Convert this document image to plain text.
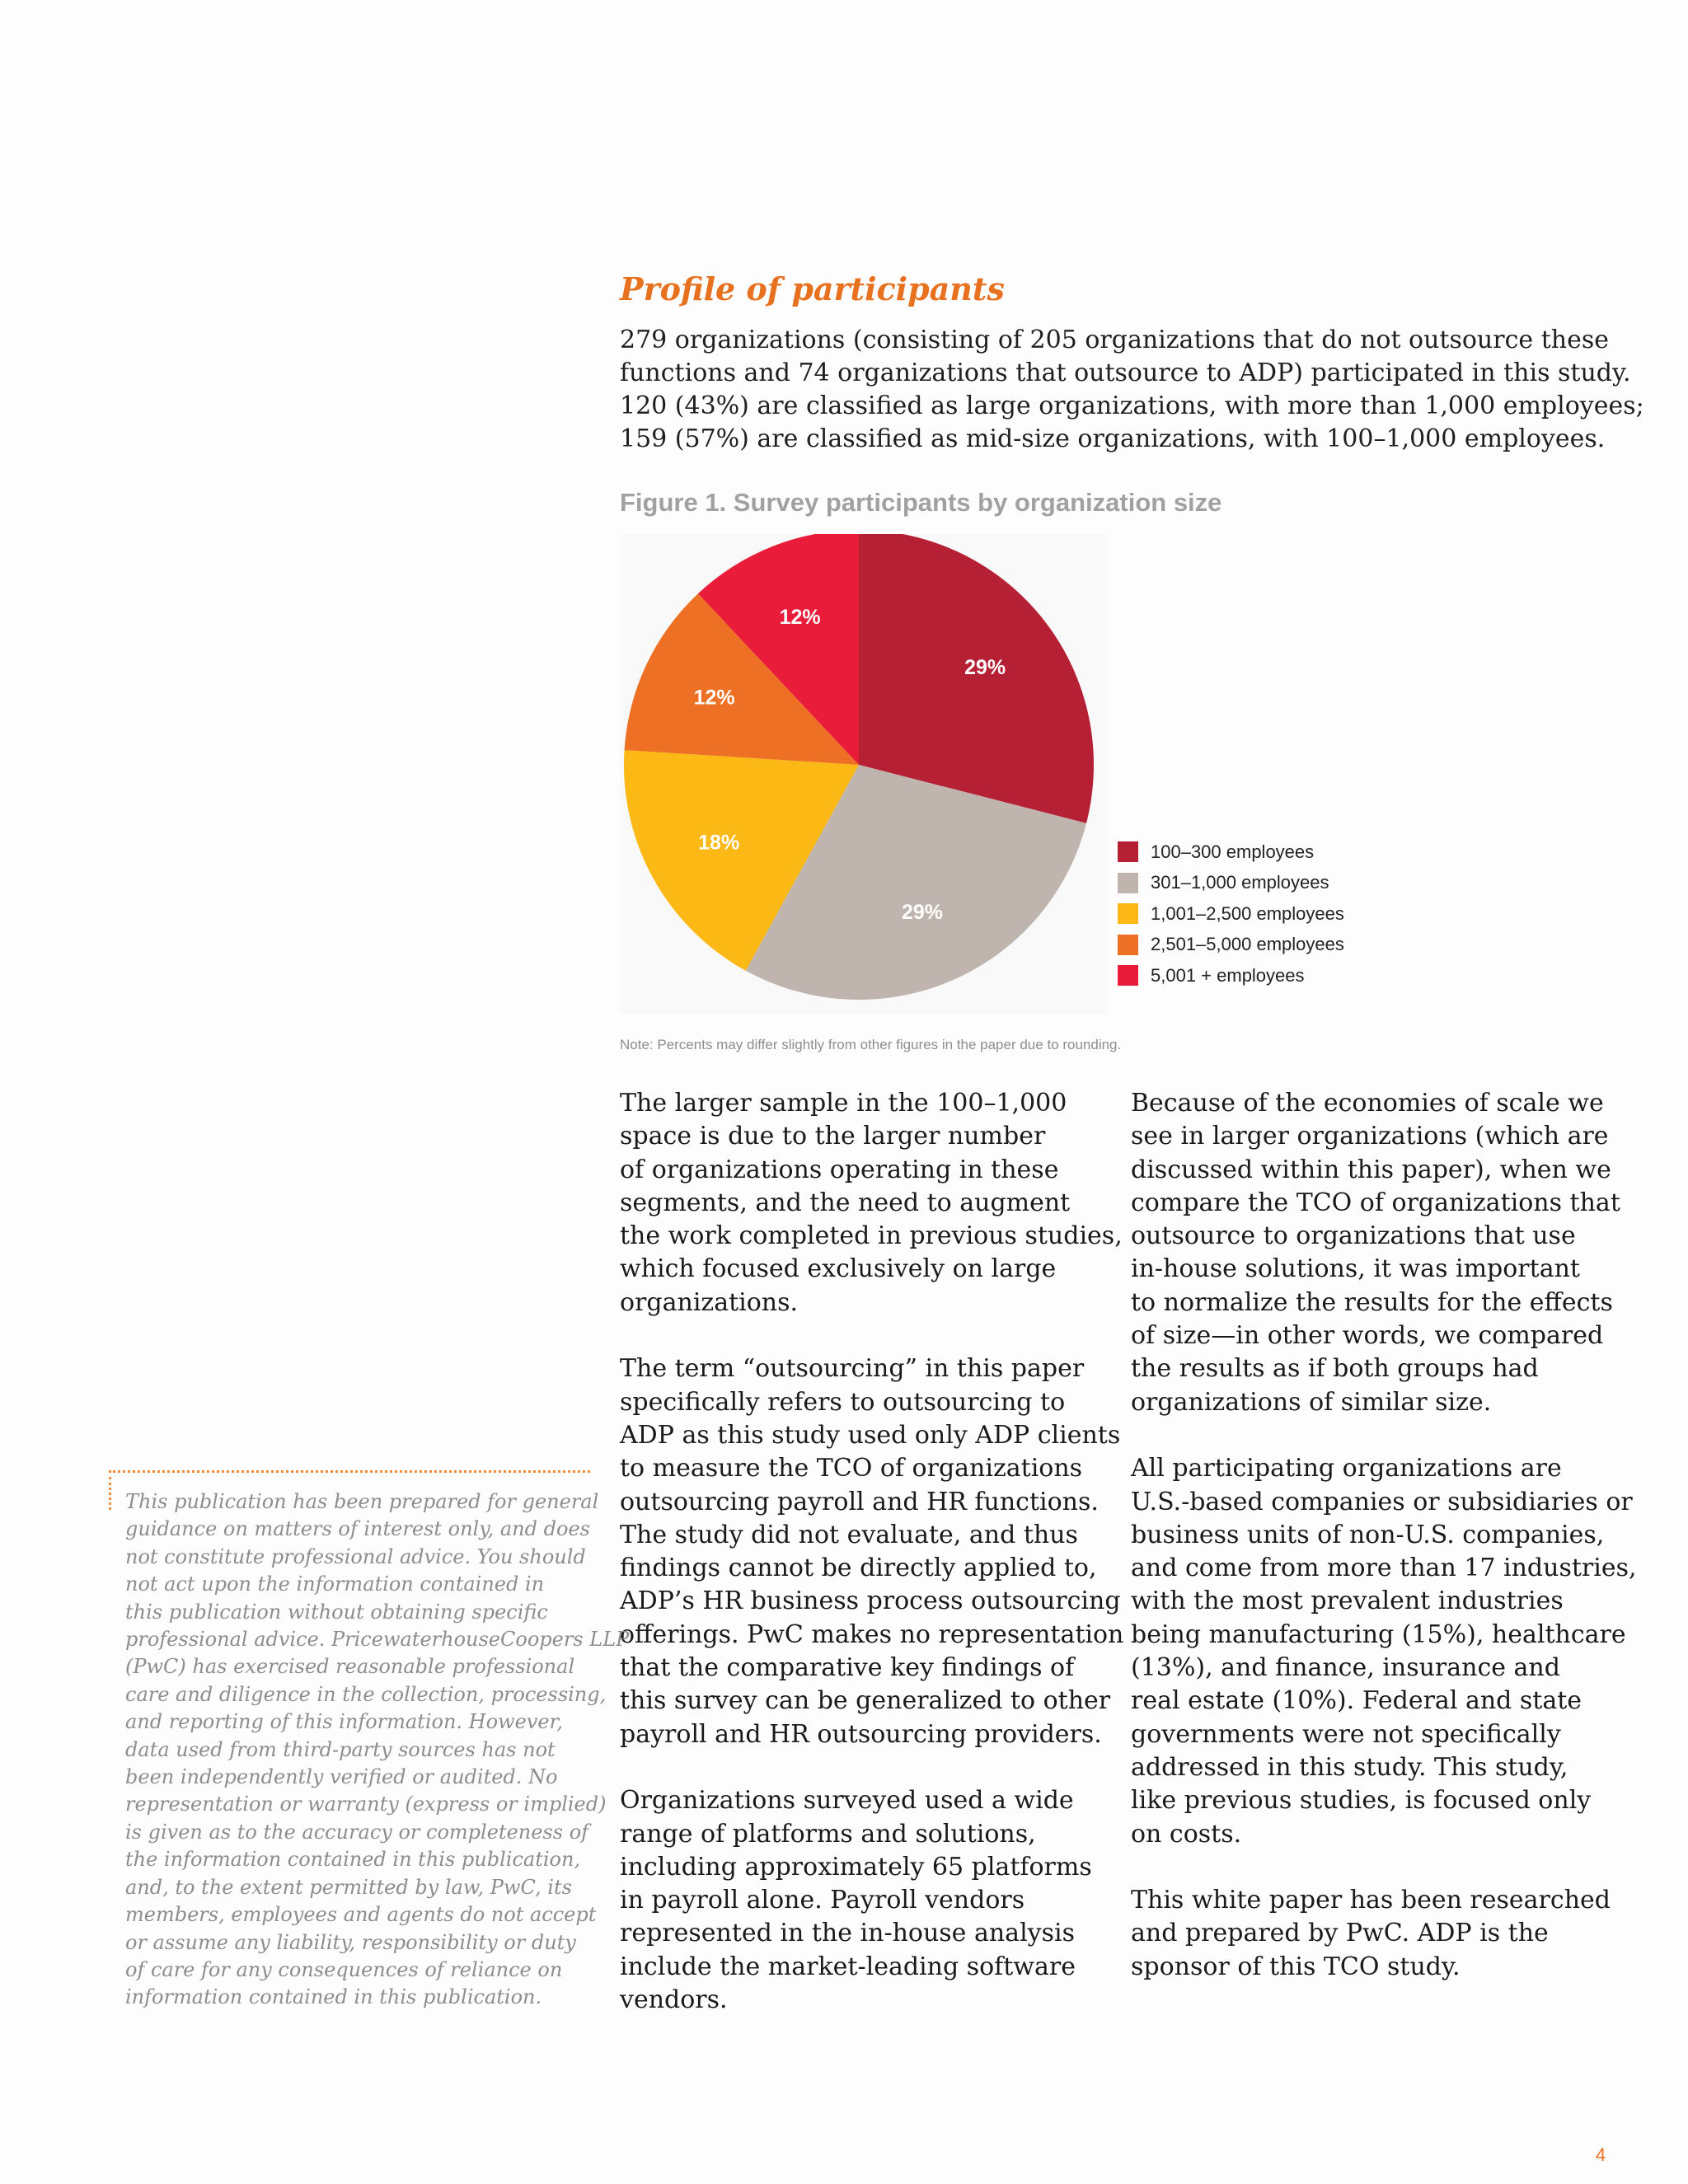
Profile of participants
279 organizations (consisting of 205 organizations that do not outsource these
functions and 74 organizations that outsource to ADP) participated in this study.
120 (43%) are classified as large organizations, with more than 1,000 employees;
159 (57%) are classified as mid-size organizations, with 100–1,000 employees.
Figure 1. Survey participants by organization size
29%
29%
18%
12%
12%
100–300 employees
301–1,000 employees
1,001–2,500 employees
2,501–5,000 employees
5,001 + employees

Note: Percents may differ slightly from other figures in the paper due to rounding.

The larger sample in the 100–1,000
space is due to the larger number
of organizations operating in these
segments, and the need to augment
the work completed in previous studies,
which focused exclusively on large
organizations.

The term “outsourcing” in this paper
specifically refers to outsourcing to
ADP as this study used only ADP clients
to measure the TCO of organizations
outsourcing payroll and HR functions.
The study did not evaluate, and thus
findings cannot be directly applied to,
ADP’s HR business process outsourcing
offerings. PwC makes no representation
that the comparative key findings of
this survey can be generalized to other
payroll and HR outsourcing providers.

Organizations surveyed used a wide
range of platforms and solutions,
including approximately 65 platforms
in payroll alone. Payroll vendors
represented in the in-house analysis
include the market-leading software
vendors.

Because of the economies of scale we
see in larger organizations (which are
discussed within this paper), when we
compare the TCO of organizations that
outsource to organizations that use
in-house solutions, it was important
to normalize the results for the effects
of size—in other words, we compared
the results as if both groups had
organizations of similar size.

All participating organizations are
U.S.-based companies or subsidiaries or
business units of non-U.S. companies,
and come from more than 17 industries,
with the most prevalent industries
being manufacturing (15%), healthcare
(13%), and finance, insurance and
real estate (10%). Federal and state
governments were not specifically
addressed in this study. This study,
like previous studies, is focused only
on costs.

This white paper has been researched
and prepared by PwC. ADP is the
sponsor of this TCO study.

This publication has been prepared for general
guidance on matters of interest only, and does
not constitute professional advice. You should
not act upon the information contained in
this publication without obtaining specific
professional advice. PricewaterhouseCoopers LLP
(PwC) has exercised reasonable professional
care and diligence in the collection, processing,
and reporting of this information. However,
data used from third-party sources has not
been independently verified or audited. No
representation or warranty (express or implied)
is given as to the accuracy or completeness of
the information contained in this publication,
and, to the extent permitted by law, PwC, its
members, employees and agents do not accept
or assume any liability, responsibility or duty
of care for any consequences of reliance on
information contained in this publication.
4
